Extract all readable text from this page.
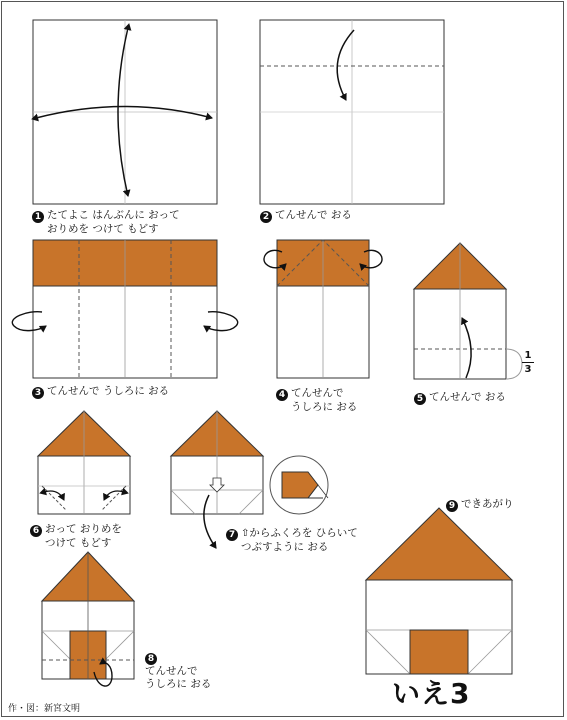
1 たてよこ はんぶんに おって
おりめを つけて もどす
2 てんせんで おる
3 てんせんで うしろに おる	4 てんせんで
うしろに おる
5 てんせんで おる
1
3
6 おって おりめを
つけて もどす
7 ⇧からふくろを ひらいて
つぶすように おる
8
てんせんで
うしろに おる
9 できあがり
いえ3
作・図：新宮文明
